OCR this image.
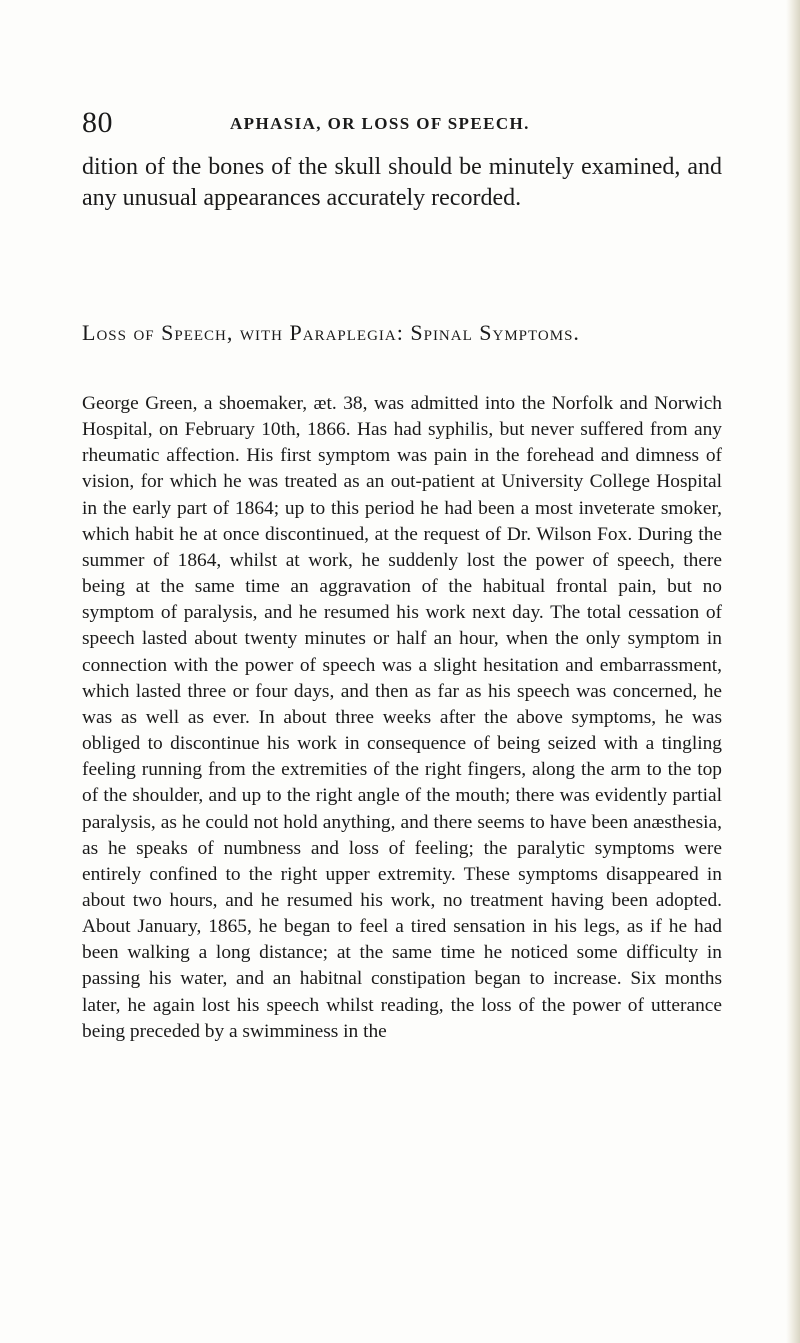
80	APHASIA, OR LOSS OF SPEECH.

dition of the bones of the skull should be minutely examined, and any unusual appearances accurately recorded.

Loss of Speech, with Paraplegia: Spinal Symptoms.

George Green, a shoemaker, æt. 38, was admitted into the Norfolk and Norwich Hospital, on February 10th, 1866. Has had syphilis, but never suffered from any rheumatic affection. His first symptom was pain in the forehead and dimness of vision, for which he was treated as an out-patient at University College Hospital in the early part of 1864; up to this period he had been a most inveterate smoker, which habit he at once discontinued, at the request of Dr. Wilson Fox. During the summer of 1864, whilst at work, he suddenly lost the power of speech, there being at the same time an aggravation of the habitual frontal pain, but no symptom of paralysis, and he resumed his work next day. The total cessation of speech lasted about twenty minutes or half an hour, when the only symptom in connection with the power of speech was a slight hesitation and embarrassment, which lasted three or four days, and then as far as his speech was concerned, he was as well as ever. In about three weeks after the above symptoms, he was obliged to discontinue his work in consequence of being seized with a tingling feeling running from the extremities of the right fingers, along the arm to the top of the shoulder, and up to the right angle of the mouth; there was evidently partial paralysis, as he could not hold anything, and there seems to have been anæsthesia, as he speaks of numbness and loss of feeling; the paralytic symptoms were entirely confined to the right upper extremity. These symptoms disappeared in about two hours, and he resumed his work, no treatment having been adopted. About January, 1865, he began to feel a tired sensation in his legs, as if he had been walking a long distance; at the same time he noticed some difficulty in passing his water, and an habitnal constipation began to increase. Six months later, he again lost his speech whilst reading, the loss of the power of utterance being preceded by a swimminess in the
